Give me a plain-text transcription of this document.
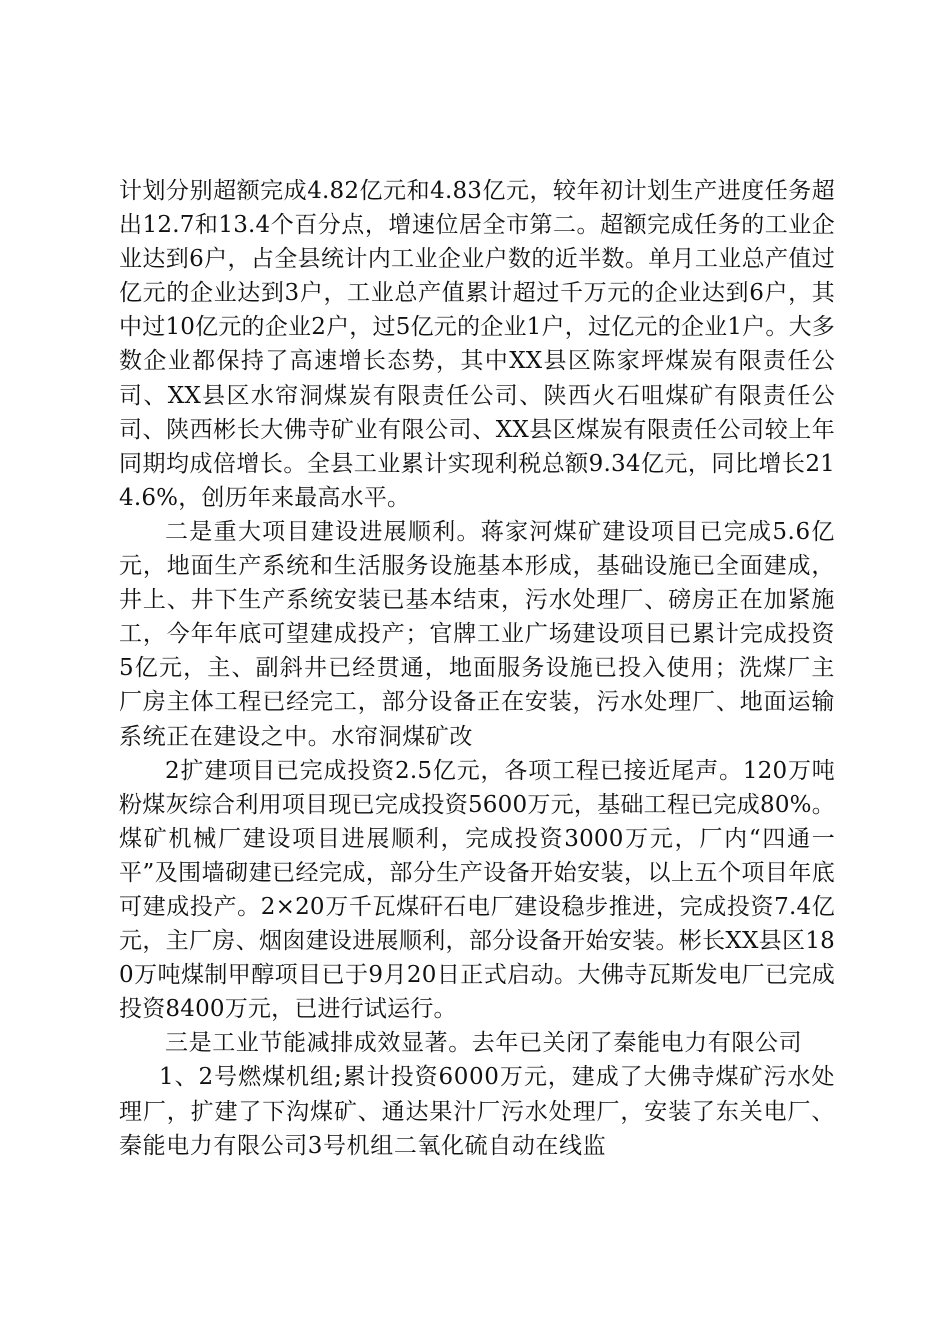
计划分别超额完成4.82亿元和4.83亿元，较年初计划生产进度任务超出12.7和13.4个百分点，增速位居全市第二。超额完成任务的工业企业达到6户，占全县统计内工业企业户数的近半数。单月工业总产值过亿元的企业达到3户，工业总产值累计超过千万元的企业达到6户，其中过10亿元的企业2户，过5亿元的企业1户，过亿元的企业1户。大多数企业都保持了高速增长态势，其中XX县区陈家坪煤炭有限责任公司、XX县区水帘洞煤炭有限责任公司、陕西火石咀煤矿有限责任公司、陕西彬长大佛寺矿业有限公司、XX县区煤炭有限责任公司较上年同期均成倍增长。全县工业累计实现利税总额9.34亿元，同比增长214.6%，创历年来最高水平。

二是重大项目建设进展顺利。蒋家河煤矿建设项目已完成5.6亿元，地面生产系统和生活服务设施基本形成，基础设施已全面建成，井上、井下生产系统安装已基本结束，污水处理厂、磅房正在加紧施工，今年年底可望建成投产；官牌工业广场建设项目已累计完成投资5亿元，主、副斜井已经贯通，地面服务设施已投入使用；洗煤厂主厂房主体工程已经完工，部分设备正在安装，污水处理厂、地面运输系统正在建设之中。水帘洞煤矿改

2扩建项目已完成投资2.5亿元，各项工程已接近尾声。120万吨粉煤灰综合利用项目现已完成投资5600万元，基础工程已完成80%。煤矿机械厂建设项目进展顺利，完成投资3000万元，厂内“四通一平”及围墙砌建已经完成，部分生产设备开始安装，以上五个项目年底可建成投产。2×20万千瓦煤矸石电厂建设稳步推进，完成投资7.4亿元，主厂房、烟囱建设进展顺利，部分设备开始安装。彬长XX县区180万吨煤制甲醇项目已于9月20日正式启动。大佛寺瓦斯发电厂已完成投资8400万元，已进行试运行。

三是工业节能减排成效显著。去年已关闭了秦能电力有限公司

1、2号燃煤机组;累计投资6000万元，建成了大佛寺煤矿污水处理厂，扩建了下沟煤矿、通达果汁厂污水处理厂，安装了东关电厂、秦能电力有限公司3号机组二氧化硫自动在线监
